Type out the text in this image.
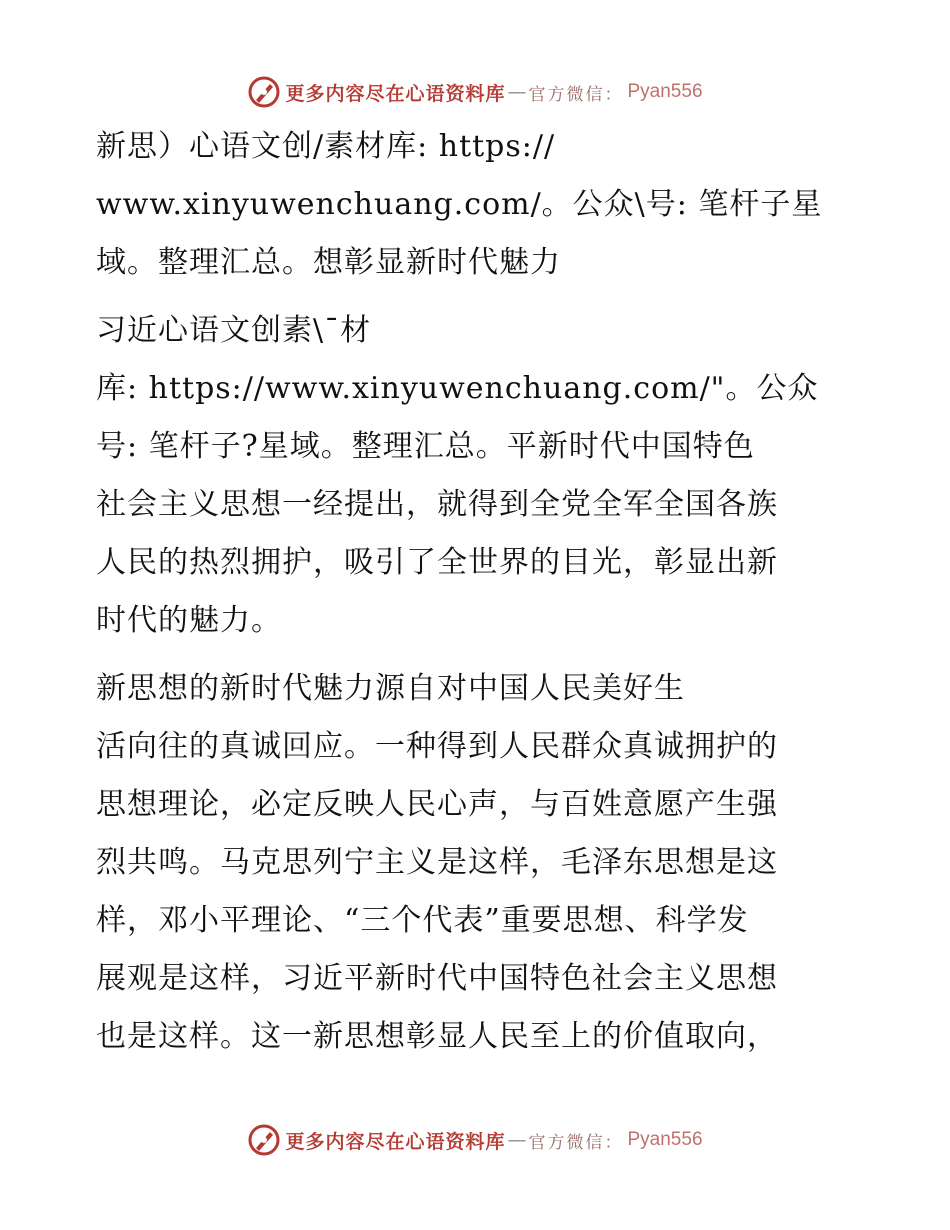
更多内容尽在心语资料库 — 官方微信： Pyan556

新思）心语文创/素材库: https://

www.xinyuwenchuang.com/。公众\号: 笔杆子星

域。整理汇总。想彰显新时代魅力

习近心语文创素\¯材

库: https://www.xinyuwenchuang.com/"。公众

号: 笔杆子?星域。整理汇总。平新时代中国特色

社会主义思想一经提出，就得到全党全军全国各族

人民的热烈拥护，吸引了全世界的目光，彰显出新

时代的魅力。

新思想的新时代魅力源自对中国人民美好生

活向往的真诚回应。一种得到人民群众真诚拥护的

思想理论，必定反映人民心声，与百姓意愿产生强

烈共鸣。马克思列宁主义是这样，毛泽东思想是这

样，邓小平理论、“三个代表”重要思想、科学发

展观是这样，习近平新时代中国特色社会主义思想

也是这样。这一新思想彰显人民至上的价值取向，

更多内容尽在心语资料库 — 官方微信： Pyan556
